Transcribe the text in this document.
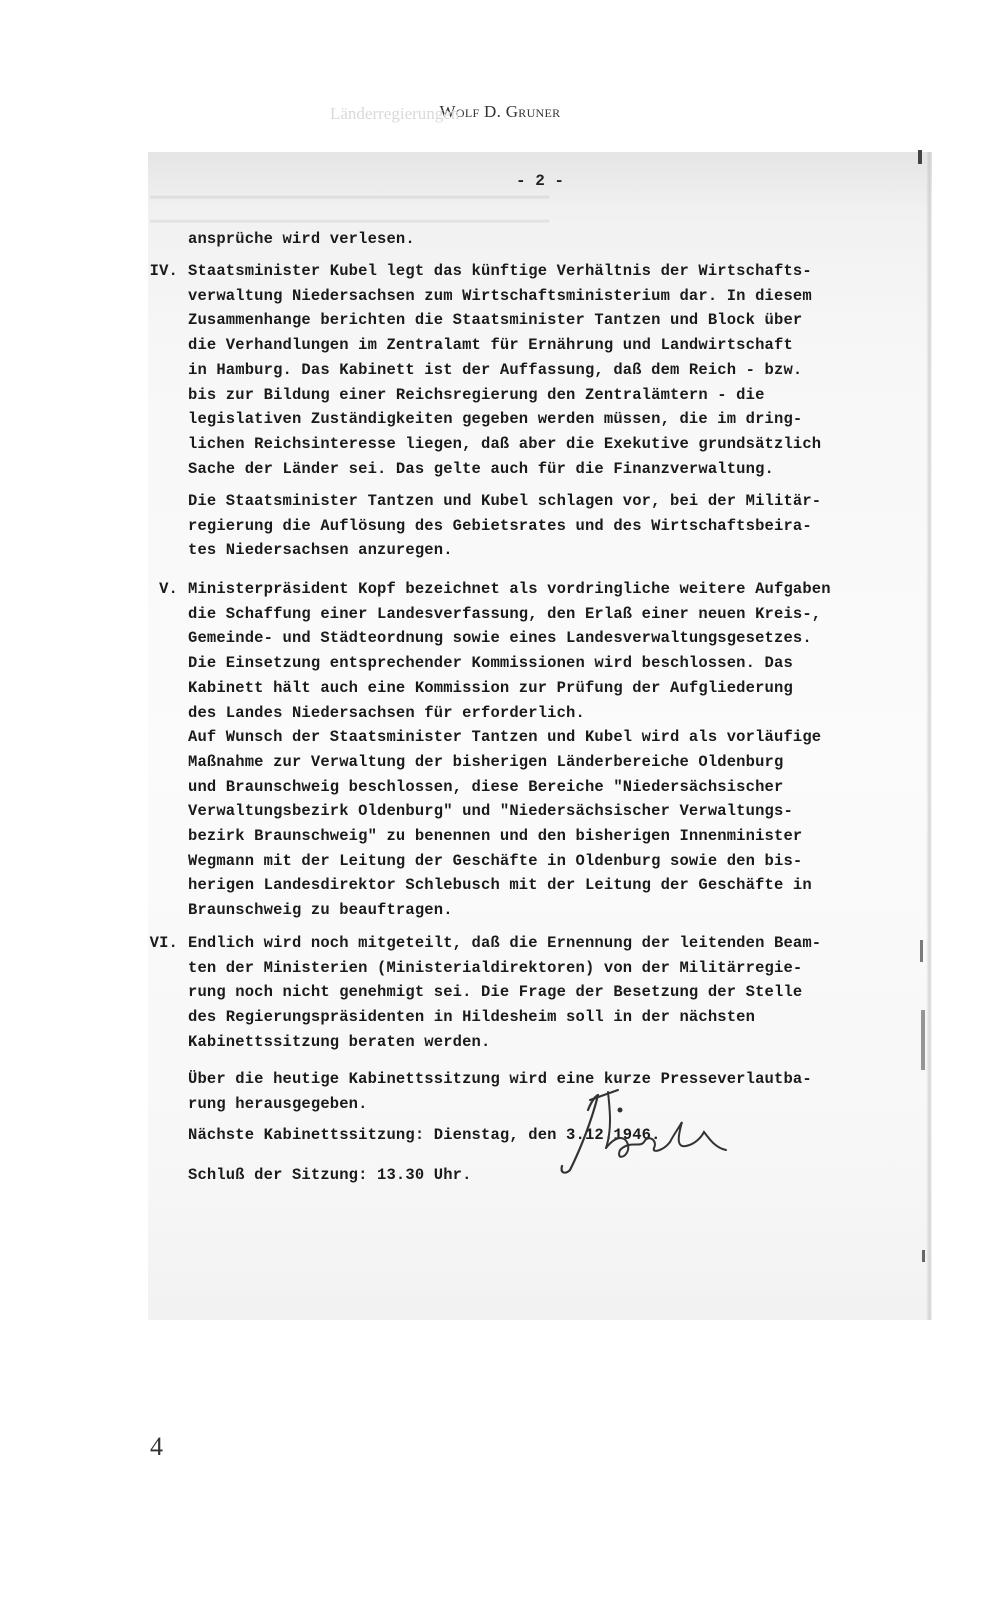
Wolf D. Gruner
Länderregierungen
━━━━━━━━━━━━━━━━━━━━━━━━━━━━━━━━━━━━━━━
━━━━━━━━━━━━━━━━━━━━━━━━━━━━━━━━━━━━━━━
- 2 -
ansprüche wird verlesen.
IV. Staatsminister Kubel legt das künftige Verhältnis der Wirtschafts-
verwaltung Niedersachsen zum Wirtschaftsministerium dar. In diesem
Zusammenhange berichten die Staatsminister Tantzen und Block über
die Verhandlungen im Zentralamt für Ernährung und Landwirtschaft
in Hamburg. Das Kabinett ist der Auffassung, daß dem Reich - bzw.
bis zur Bildung einer Reichsregierung den Zentralämtern - die
legislativen Zuständigkeiten gegeben werden müssen, die im dring-
lichen Reichsinteresse liegen, daß aber die Exekutive grundsätzlich
Sache der Länder sei. Das gelte auch für die Finanzverwaltung.
Die Staatsminister Tantzen und Kubel schlagen vor, bei der Militär-
regierung die Auflösung des Gebietsrates und des Wirtschaftsbeira-
tes Niedersachsen anzuregen.
V. Ministerpräsident Kopf bezeichnet als vordringliche weitere Aufgaben
die Schaffung einer Landesverfassung, den Erlaß einer neuen Kreis-,
Gemeinde- und Städteordnung sowie eines Landesverwaltungsgesetzes.
Die Einsetzung entsprechender Kommissionen wird beschlossen. Das
Kabinett hält auch eine Kommission zur Prüfung der Aufgliederung
des Landes Niedersachsen für erforderlich.
Auf Wunsch der Staatsminister Tantzen und Kubel wird als vorläufige
Maßnahme zur Verwaltung der bisherigen Länderbereiche Oldenburg
und Braunschweig beschlossen, diese Bereiche "Niedersächsischer
Verwaltungsbezirk Oldenburg" und "Niedersächsischer Verwaltungs-
bezirk Braunschweig" zu benennen und den bisherigen Innenminister
Wegmann mit der Leitung der Geschäfte in Oldenburg sowie den bis-
herigen Landesdirektor Schlebusch mit der Leitung der Geschäfte in
Braunschweig zu beauftragen.
VI. Endlich wird noch mitgeteilt, daß die Ernennung der leitenden Beam-
ten der Ministerien (Ministerialdirektoren) von der Militärregie-
rung noch nicht genehmigt sei. Die Frage der Besetzung der Stelle
des Regierungspräsidenten in Hildesheim soll in der nächsten
Kabinettssitzung beraten werden.
Über die heutige Kabinettssitzung wird eine kurze Presseverlautba-
rung herausgegeben.
Nächste Kabinettssitzung: Dienstag, den 3.12.1946.
Schluß der Sitzung: 13.30 Uhr.
4
